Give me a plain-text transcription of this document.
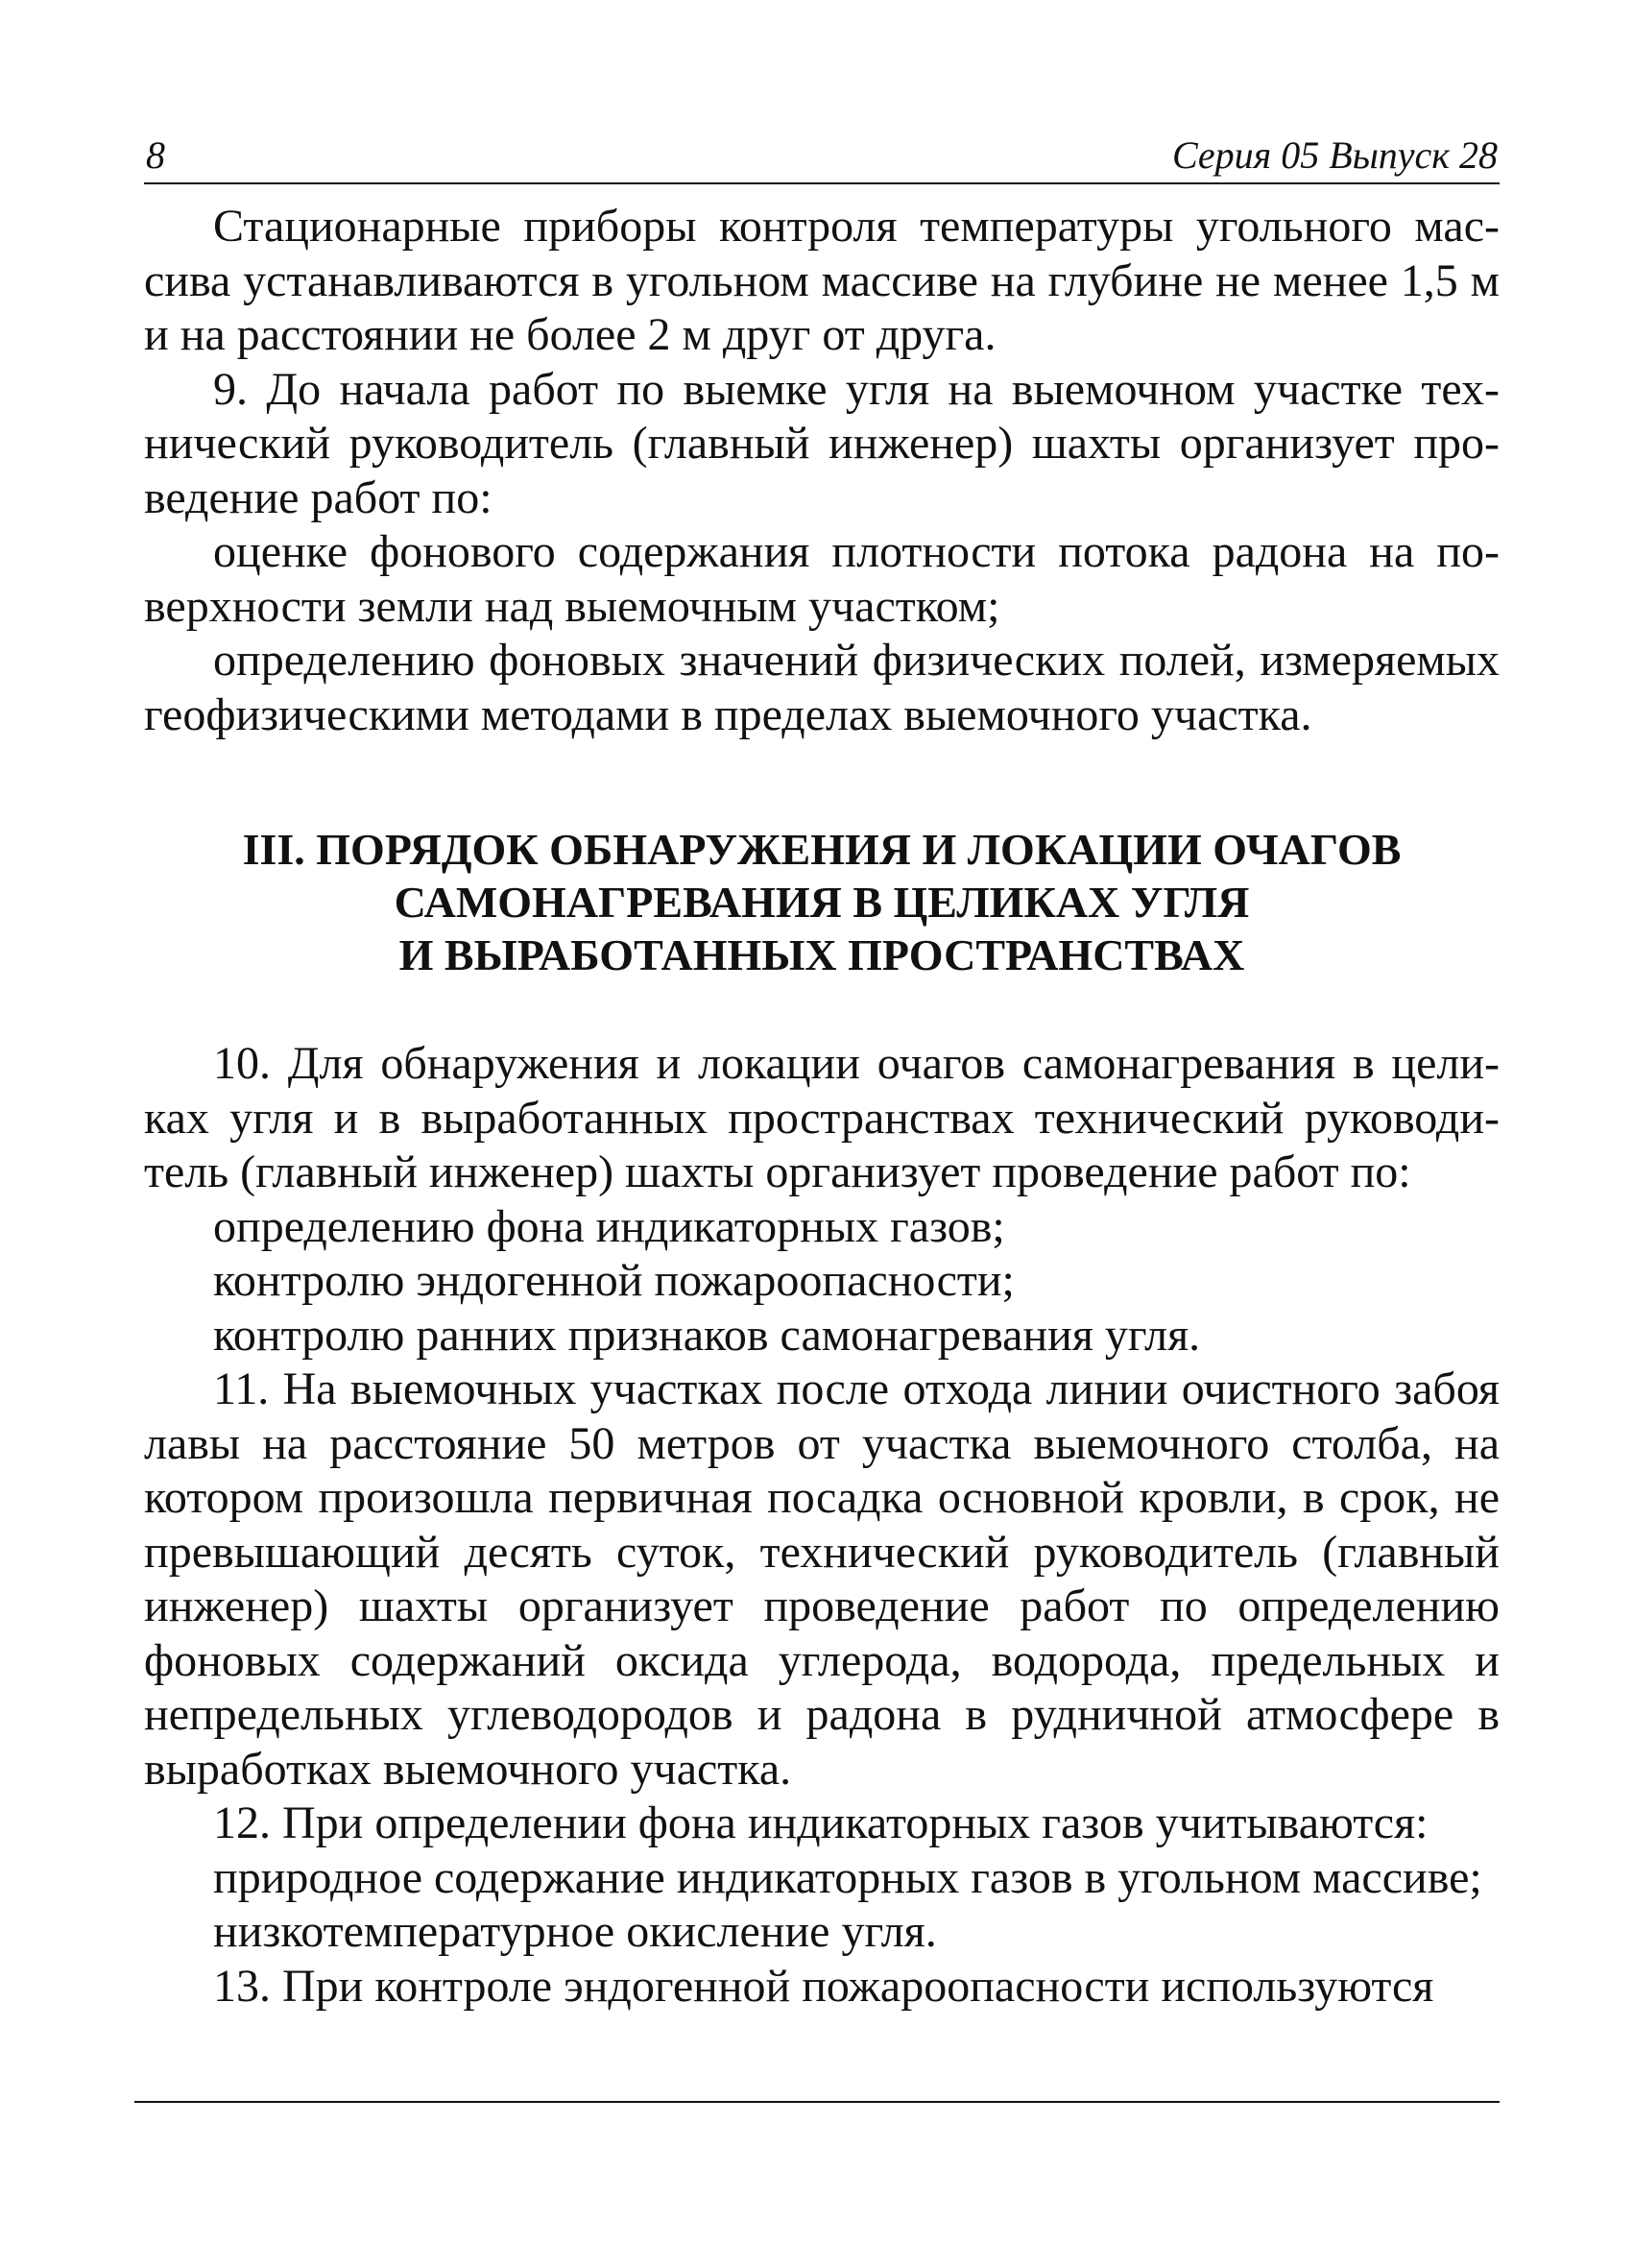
8	Серия 05 Выпуск 28

Стационарные приборы контроля температуры угольного массива устанавливаются в угольном массиве на глубине не менее 1,5 м и на расстоянии не более 2 м друг от друга.

9. До начала работ по выемке угля на выемочном участке технический руководитель (главный инженер) шахты организует проведение работ по:

оценке фонового содержания плотности потока радона на поверхности земли над выемочным участком;

определению фоновых значений физических полей, измеряемых геофизическими методами в пределах выемочного участка.

III. ПОРЯДОК ОБНАРУЖЕНИЯ И ЛОКАЦИИ ОЧАГОВ
САМОНАГРЕВАНИЯ В ЦЕЛИКАХ УГЛЯ
И ВЫРАБОТАННЫХ ПРОСТРАНСТВАХ

10. Для обнаружения и локации очагов самонагревания в целиках угля и в выработанных пространствах технический руководитель (главный инженер) шахты организует проведение работ по:

определению фона индикаторных газов;

контролю эндогенной пожароопасности;

контролю ранних признаков самонагревания угля.

11. На выемочных участках после отхода линии очистного забоя лавы на расстояние 50 метров от участка выемочного столба, на котором произошла первичная посадка основной кровли, в срок, не превышающий десять суток, технический руководитель (главный инженер) шахты организует проведение работ по определению фоновых содержаний оксида углерода, водорода, предельных и непредельных углеводородов и радона в рудничной атмосфере в выработках выемочного участка.

12. При определении фона индикаторных газов учитываются:

природное содержание индикаторных газов в угольном массиве;

низкотемпературное окисление угля.

13. При контроле эндогенной пожароопасности используются
